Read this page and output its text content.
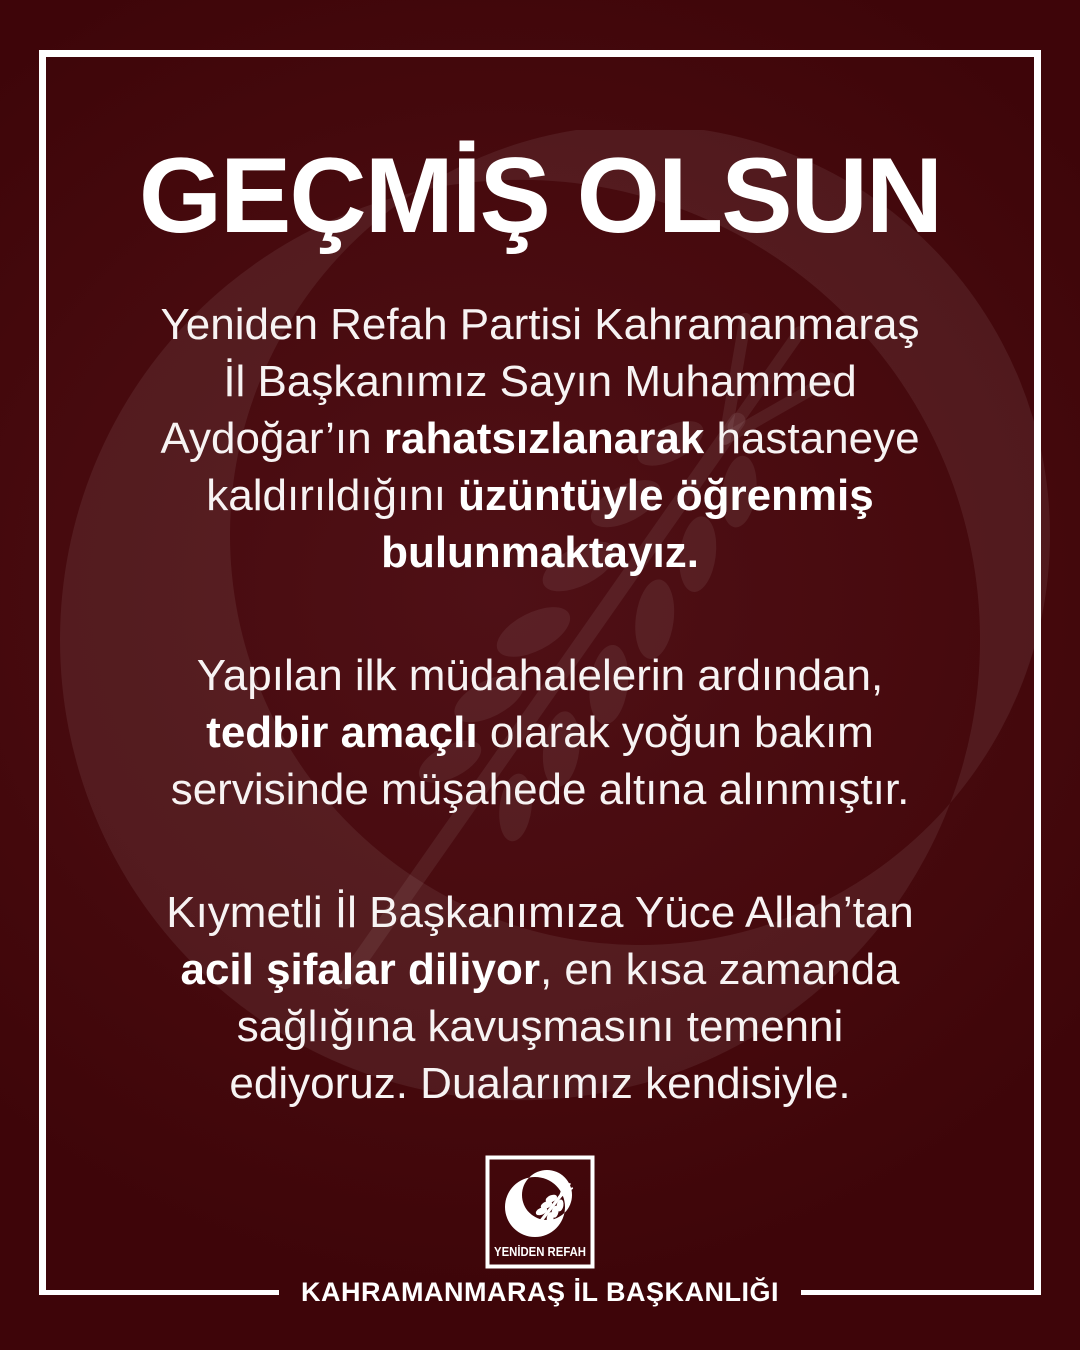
GEÇMİŞ OLSUN
Yeniden Refah Partisi Kahramanmaraş
İl Başkanımız Sayın Muhammed
Aydoğar’ın rahatsızlanarak hastaneye
kaldırıldığını üzüntüyle öğrenmiş
bulunmaktayız.
Yapılan ilk müdahalelerin ardından,
tedbir amaçlı olarak yoğun bakım
servisinde müşahede altına alınmıştır.
Kıymetli İl Başkanımıza Yüce Allah’tan
acil şifalar diliyor, en kısa zamanda
sağlığına kavuşmasını temenni
ediyoruz. Dualarımız kendisiyle.
YENİDEN REFAH
KAHRAMANMARAŞ İL BAŞKANLIĞI
